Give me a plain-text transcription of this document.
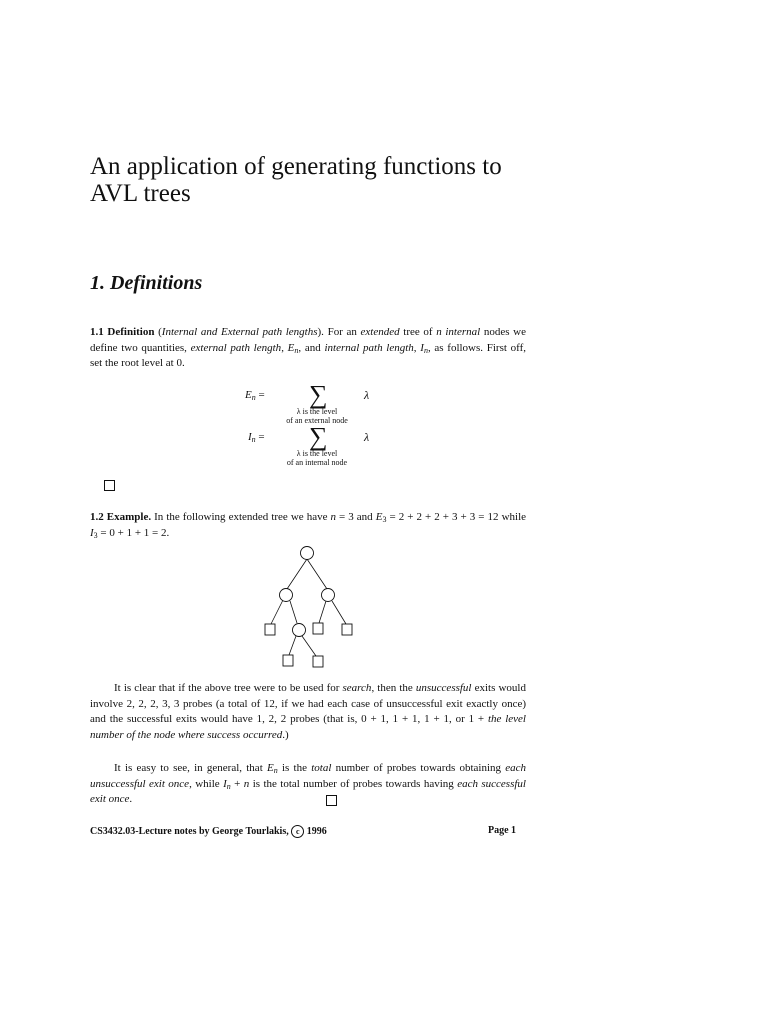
An application of generating functions to AVL trees
1. Definitions

1.1 Definition (Internal and External path lengths). For an extended tree of n internal nodes we define two quantities, external path length, $E_n$, and internal path length, $I_n$, as follows. First off, set the root level at 0.

$E_n$ = ∑
λ is the level
of an external node
λ
$I_n$ = ∑
λ is the level
of an internal node
λ

1.2 Example. In the following extended tree we have n = 3 and $E_3 = 2 + 2 + 2 + 3 + 3 = 12$ while $I_3 = 0 + 1 + 1 = 2$.

It is clear that if the above tree were to be used for search, then the unsuccessful exits would involve 2, 2, 2, 3, 3 probes (a total of 12, if we had each case of unsuccessful exit exactly once) and the successful exits would have 1, 2, 2 probes (that is, 0 + 1, 1 + 1, 1 + 1, or 1 + the level number of the node where success occurred.)

It is easy to see, in general, that $E_n$ is the total number of probes towards obtaining each unsuccessful exit once, while $I_n + n$ is the total number of probes towards having each successful exit once.

CS3432.03-Lecture notes by George Tourlakis, c 1996	Page 1
